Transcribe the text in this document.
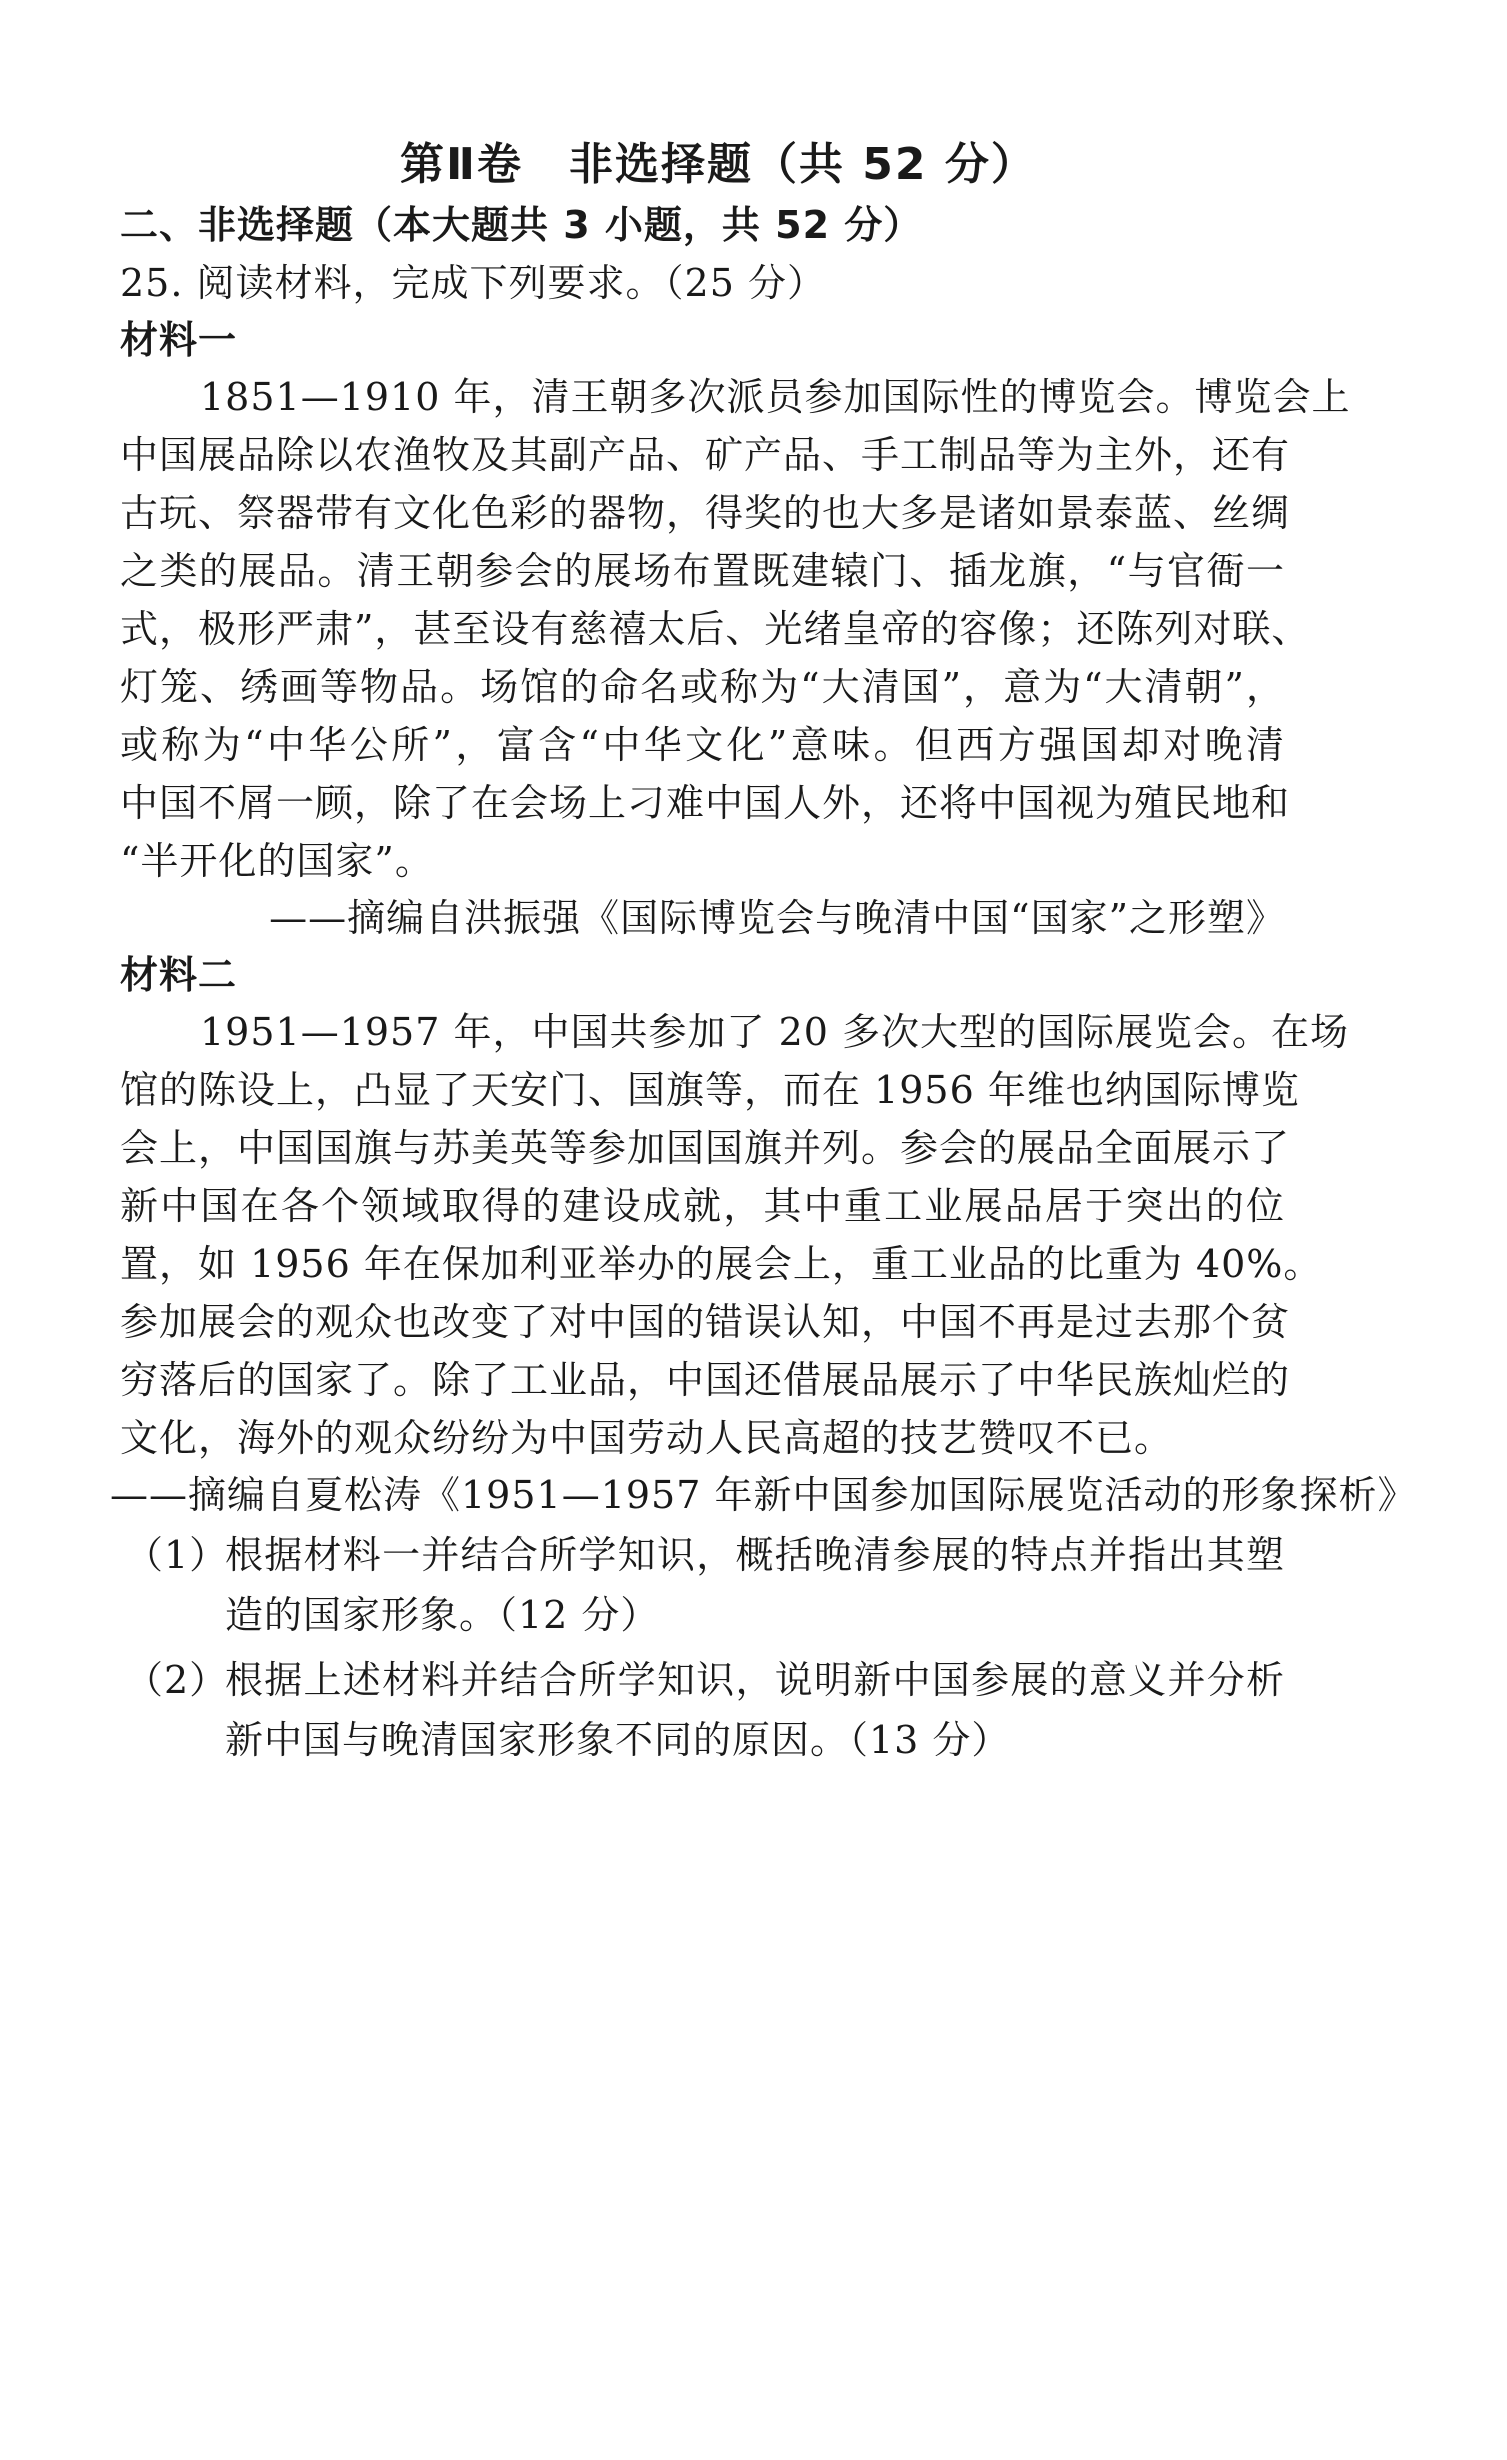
第Ⅱ卷　非选择题（共 52 分）
二、非选择题（本大题共 3 小题，共 52 分）
25. 阅读材料，完成下列要求。（25 分）
材料一
1851—1910 年，清王朝多次派员参加国际性的博览会。博览会上
中国展品除以农渔牧及其副产品、矿产品、手工制品等为主外，还有
古玩、祭器带有文化色彩的器物，得奖的也大多是诸如景泰蓝、丝绸
之类的展品。清王朝参会的展场布置既建辕门、插龙旗，“与官衙一
式，极形严肃”，甚至设有慈禧太后、光绪皇帝的容像；还陈列对联、
灯笼、绣画等物品。场馆的命名或称为“大清国”，意为“大清朝”，
或称为“中华公所”，富含“中华文化”意味。但西方强国却对晚清
中国不屑一顾，除了在会场上刁难中国人外，还将中国视为殖民地和
“半开化的国家”。
——摘编自洪振强《国际博览会与晚清中国“国家”之形塑》
材料二
1951—1957 年，中国共参加了 20 多次大型的国际展览会。在场
馆的陈设上，凸显了天安门、国旗等，而在 1956 年维也纳国际博览
会上，中国国旗与苏美英等参加国国旗并列。参会的展品全面展示了
新中国在各个领域取得的建设成就，其中重工业展品居于突出的位
置，如 1956 年在保加利亚举办的展会上，重工业品的比重为 40%。
参加展会的观众也改变了对中国的错误认知，中国不再是过去那个贫
穷落后的国家了。除了工业品，中国还借展品展示了中华民族灿烂的
文化，海外的观众纷纷为中国劳动人民高超的技艺赞叹不已。
——摘编自夏松涛《1951—1957 年新中国参加国际展览活动的形象探析》
（1）
根据材料一并结合所学知识，概括晚清参展的特点并指出其塑
造的国家形象。（12 分）
（2）
根据上述材料并结合所学知识，说明新中国参展的意义并分析
新中国与晚清国家形象不同的原因。（13 分）
